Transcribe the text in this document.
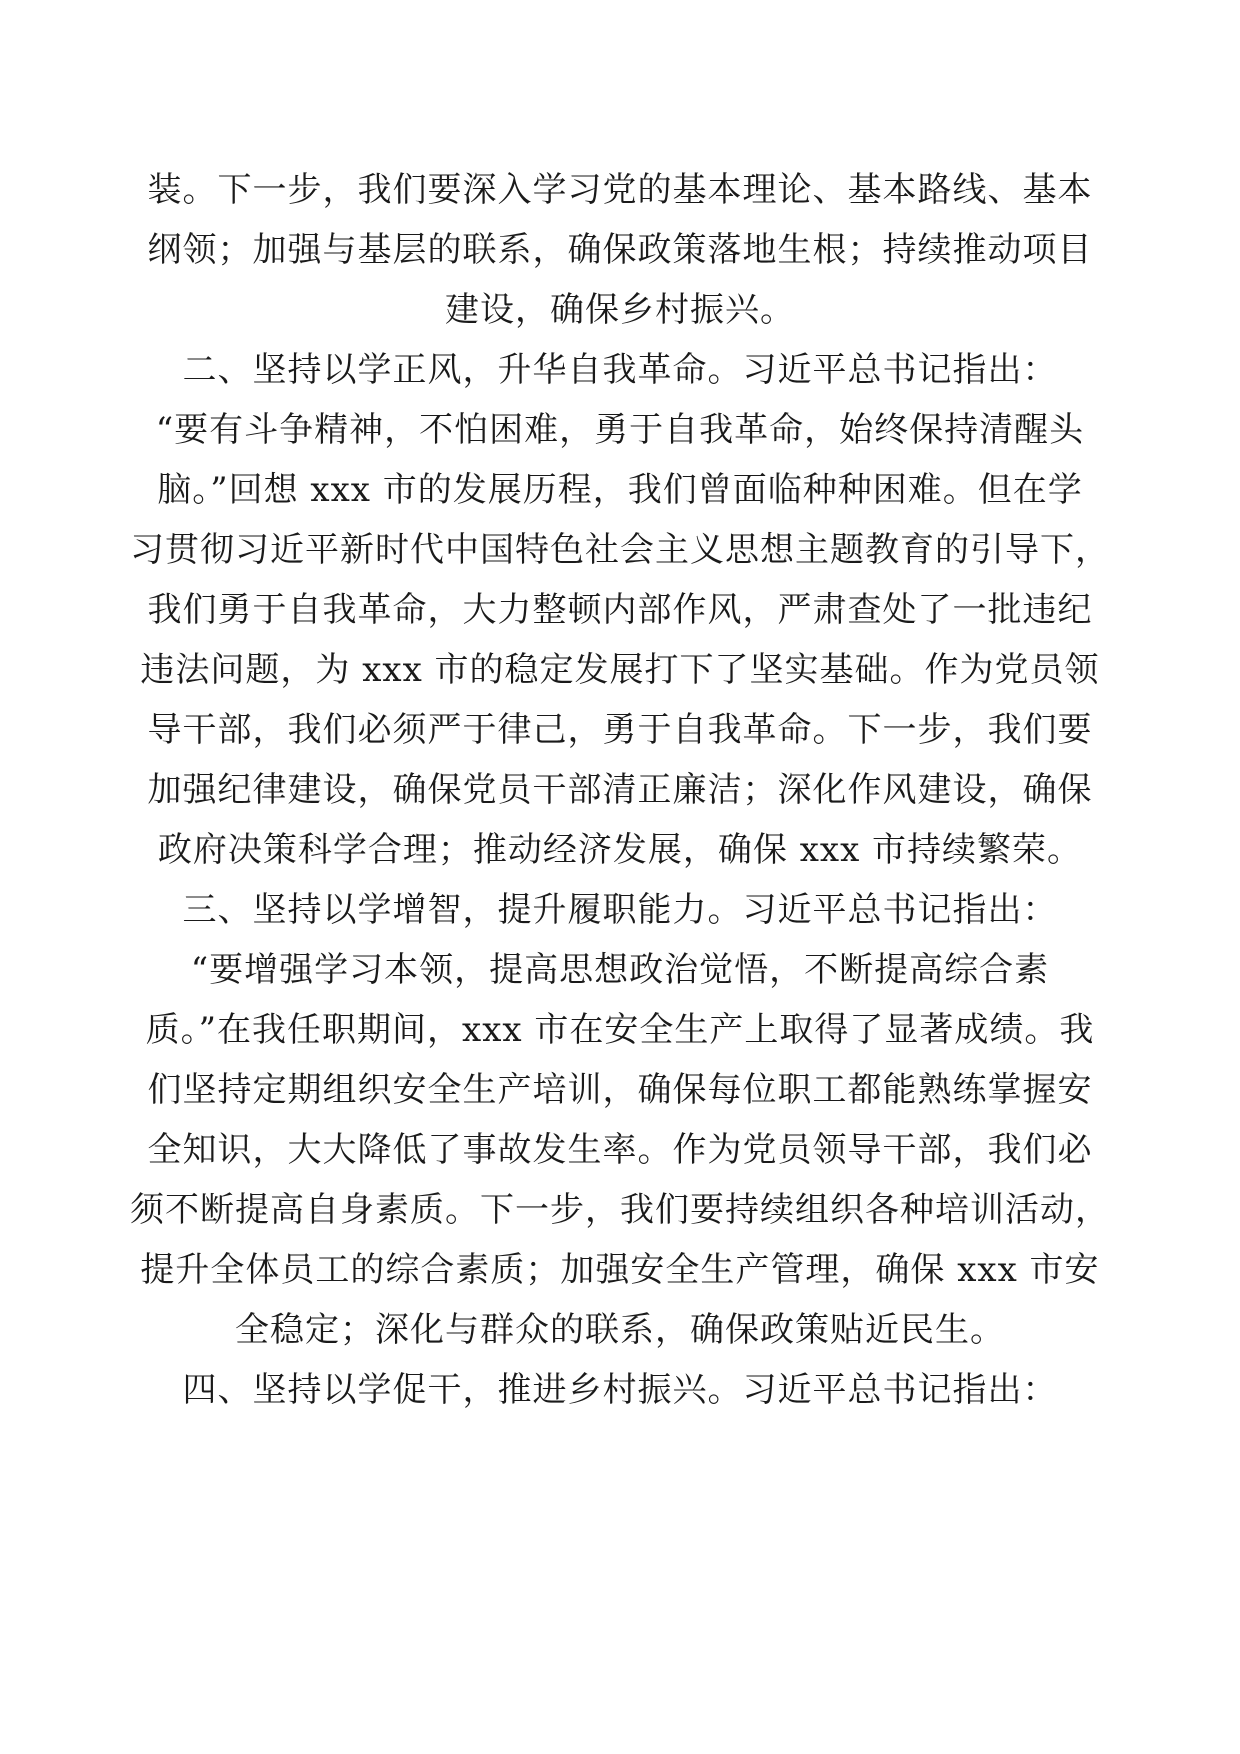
装。下一步，我们要深入学习党的基本理论、基本路线、基本
纲领；加强与基层的联系，确保政策落地生根；持续推动项目
建设，确保乡村振兴。
二、坚持以学正风，升华自我革命。习近平总书记指出：
“要有斗争精神，不怕困难，勇于自我革命，始终保持清醒头
脑。”回想 xxx 市的发展历程，我们曾面临种种困难。但在学
习贯彻习近平新时代中国特色社会主义思想主题教育的引导下，
我们勇于自我革命，大力整顿内部作风，严肃查处了一批违纪
违法问题，为 xxx 市的稳定发展打下了坚实基础。作为党员领
导干部，我们必须严于律己，勇于自我革命。下一步，我们要
加强纪律建设，确保党员干部清正廉洁；深化作风建设，确保
政府决策科学合理；推动经济发展，确保 xxx 市持续繁荣。
三、坚持以学增智，提升履职能力。习近平总书记指出：
“要增强学习本领，提高思想政治觉悟，不断提高综合素
质。”在我任职期间，xxx 市在安全生产上取得了显著成绩。我
们坚持定期组织安全生产培训，确保每位职工都能熟练掌握安
全知识，大大降低了事故发生率。作为党员领导干部，我们必
须不断提高自身素质。下一步，我们要持续组织各种培训活动，
提升全体员工的综合素质；加强安全生产管理，确保 xxx 市安
全稳定；深化与群众的联系，确保政策贴近民生。
四、坚持以学促干，推进乡村振兴。习近平总书记指出：
